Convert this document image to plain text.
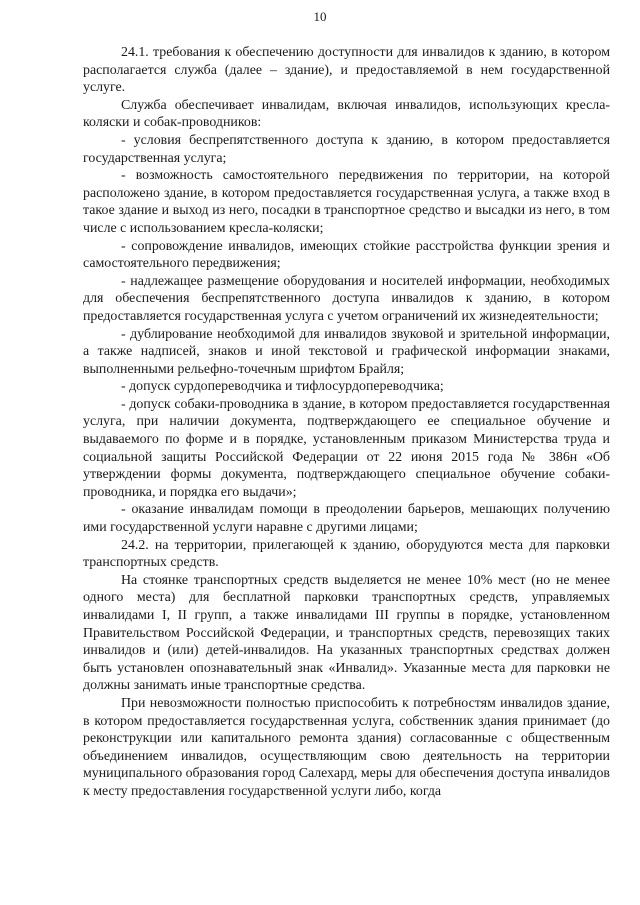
10

24.1. требования к обеспечению доступности для инвалидов к зданию, в котором располагается служба (далее – здание), и предоставляемой в нем государственной услуге.

Служба обеспечивает инвалидам, включая инвалидов, использующих кресла-коляски и собак-проводников:

- условия беспрепятственного доступа к зданию, в котором предоставляется государственная услуга;

- возможность самостоятельного передвижения по территории, на которой расположено здание, в котором предоставляется государственная услуга, а также вход в такое здание и выход из него, посадки в транспортное средство и высадки из него, в том числе с использованием кресла-коляски;

- сопровождение инвалидов, имеющих стойкие расстройства функции зрения и самостоятельного передвижения;

- надлежащее размещение оборудования и носителей информации, необходимых для обеспечения беспрепятственного доступа инвалидов к зданию, в котором предоставляется государственная услуга с учетом ограничений их жизнедеятельности;

- дублирование необходимой для инвалидов звуковой и зрительной информации, а также надписей, знаков и иной текстовой и графической информации знаками, выполненными рельефно-точечным шрифтом Брайля;

- допуск сурдопереводчика и тифлосурдопереводчика;

- допуск собаки-проводника в здание, в котором предоставляется государственная услуга, при наличии документа, подтверждающего ее специальное обучение и выдаваемого по форме и в порядке, установленным приказом Министерства труда и социальной защиты Российской Федерации от 22 июня 2015 года № 386н «Об утверждении формы документа, подтверждающего специальное обучение собаки-проводника, и порядка его выдачи»;

- оказание инвалидам помощи в преодолении барьеров, мешающих получению ими государственной услуги наравне с другими лицами;

24.2. на территории, прилегающей к зданию, оборудуются места для парковки транспортных средств.

На стоянке транспортных средств выделяется не менее 10% мест (но не менее одного места) для бесплатной парковки транспортных средств, управляемых инвалидами I, II групп, а также инвалидами III группы в порядке, установленном Правительством Российской Федерации, и транспортных средств, перевозящих таких инвалидов и (или) детей-инвалидов. На указанных транспортных средствах должен быть установлен опознавательный знак «Инвалид». Указанные места для парковки не должны занимать иные транспортные средства.

При невозможности полностью приспособить к потребностям инвалидов здание, в котором предоставляется государственная услуга, собственник здания принимает (до реконструкции или капитального ремонта здания) согласованные с общественным объединением инвалидов, осуществляющим свою деятельность на территории муниципального образования город Салехард, меры для обеспечения доступа инвалидов к месту предоставления государственной услуги либо, когда
